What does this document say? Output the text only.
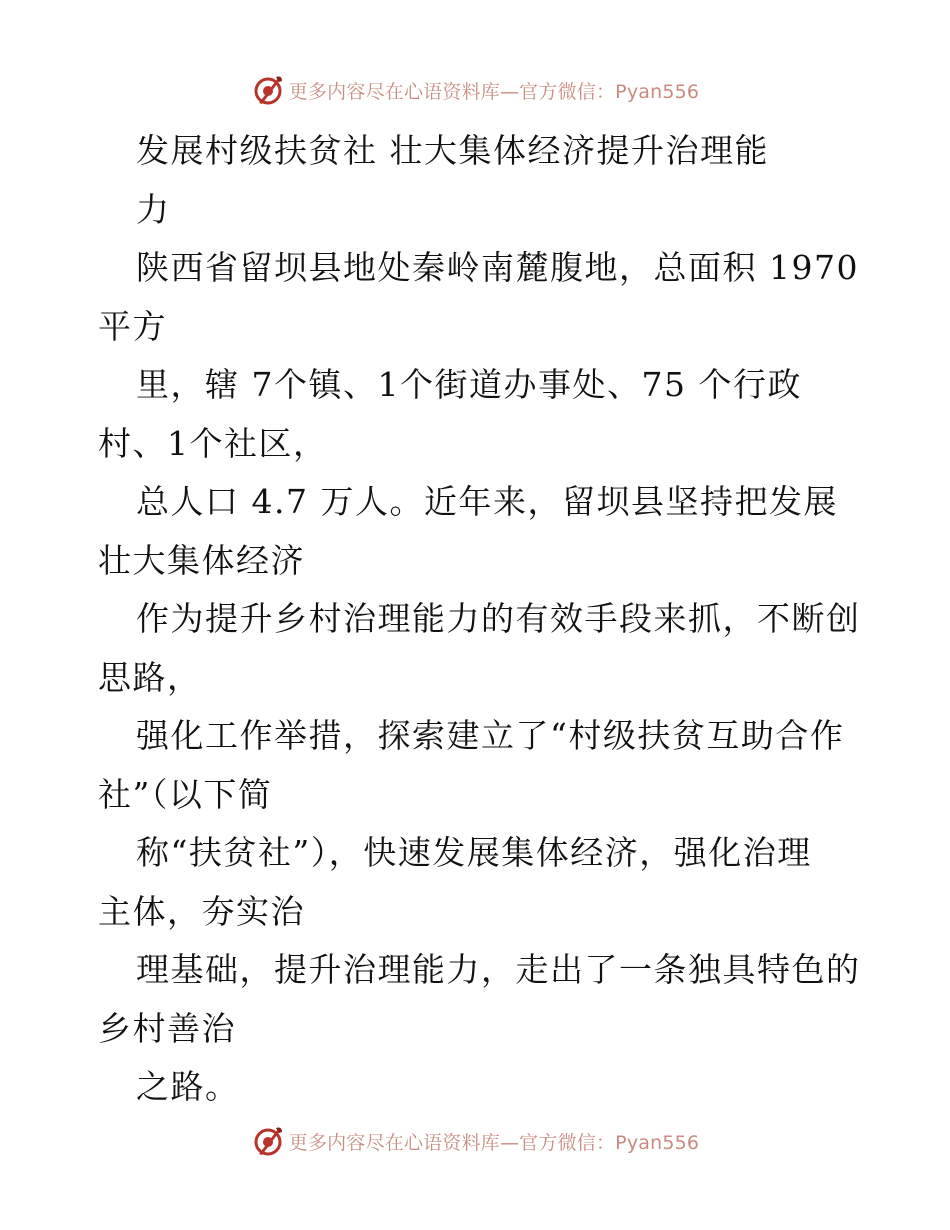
更多内容尽在心语资料库—官方微信：Pyan556
发展村级扶贫社 壮大集体经济提升治理能
力
陕西省留坝县地处秦岭南麓腹地，总面积 1970
平方
里，辖 7个镇、1个街道办事处、75 个行政
村、1个社区，
总人口 4.7 万人。近年来，留坝县坚持把发展
壮大集体经济
作为提升乡村治理能力的有效手段来抓，不断创
思路，
强化工作举措，探索建立了“村级扶贫互助合作
社”（以下简
称“扶贫社”），快速发展集体经济，强化治理
主体，夯实治
理基础，提升治理能力，走出了一条独具特色的
乡村善治
之路。
更多内容尽在心语资料库—官方微信：Pyan556
